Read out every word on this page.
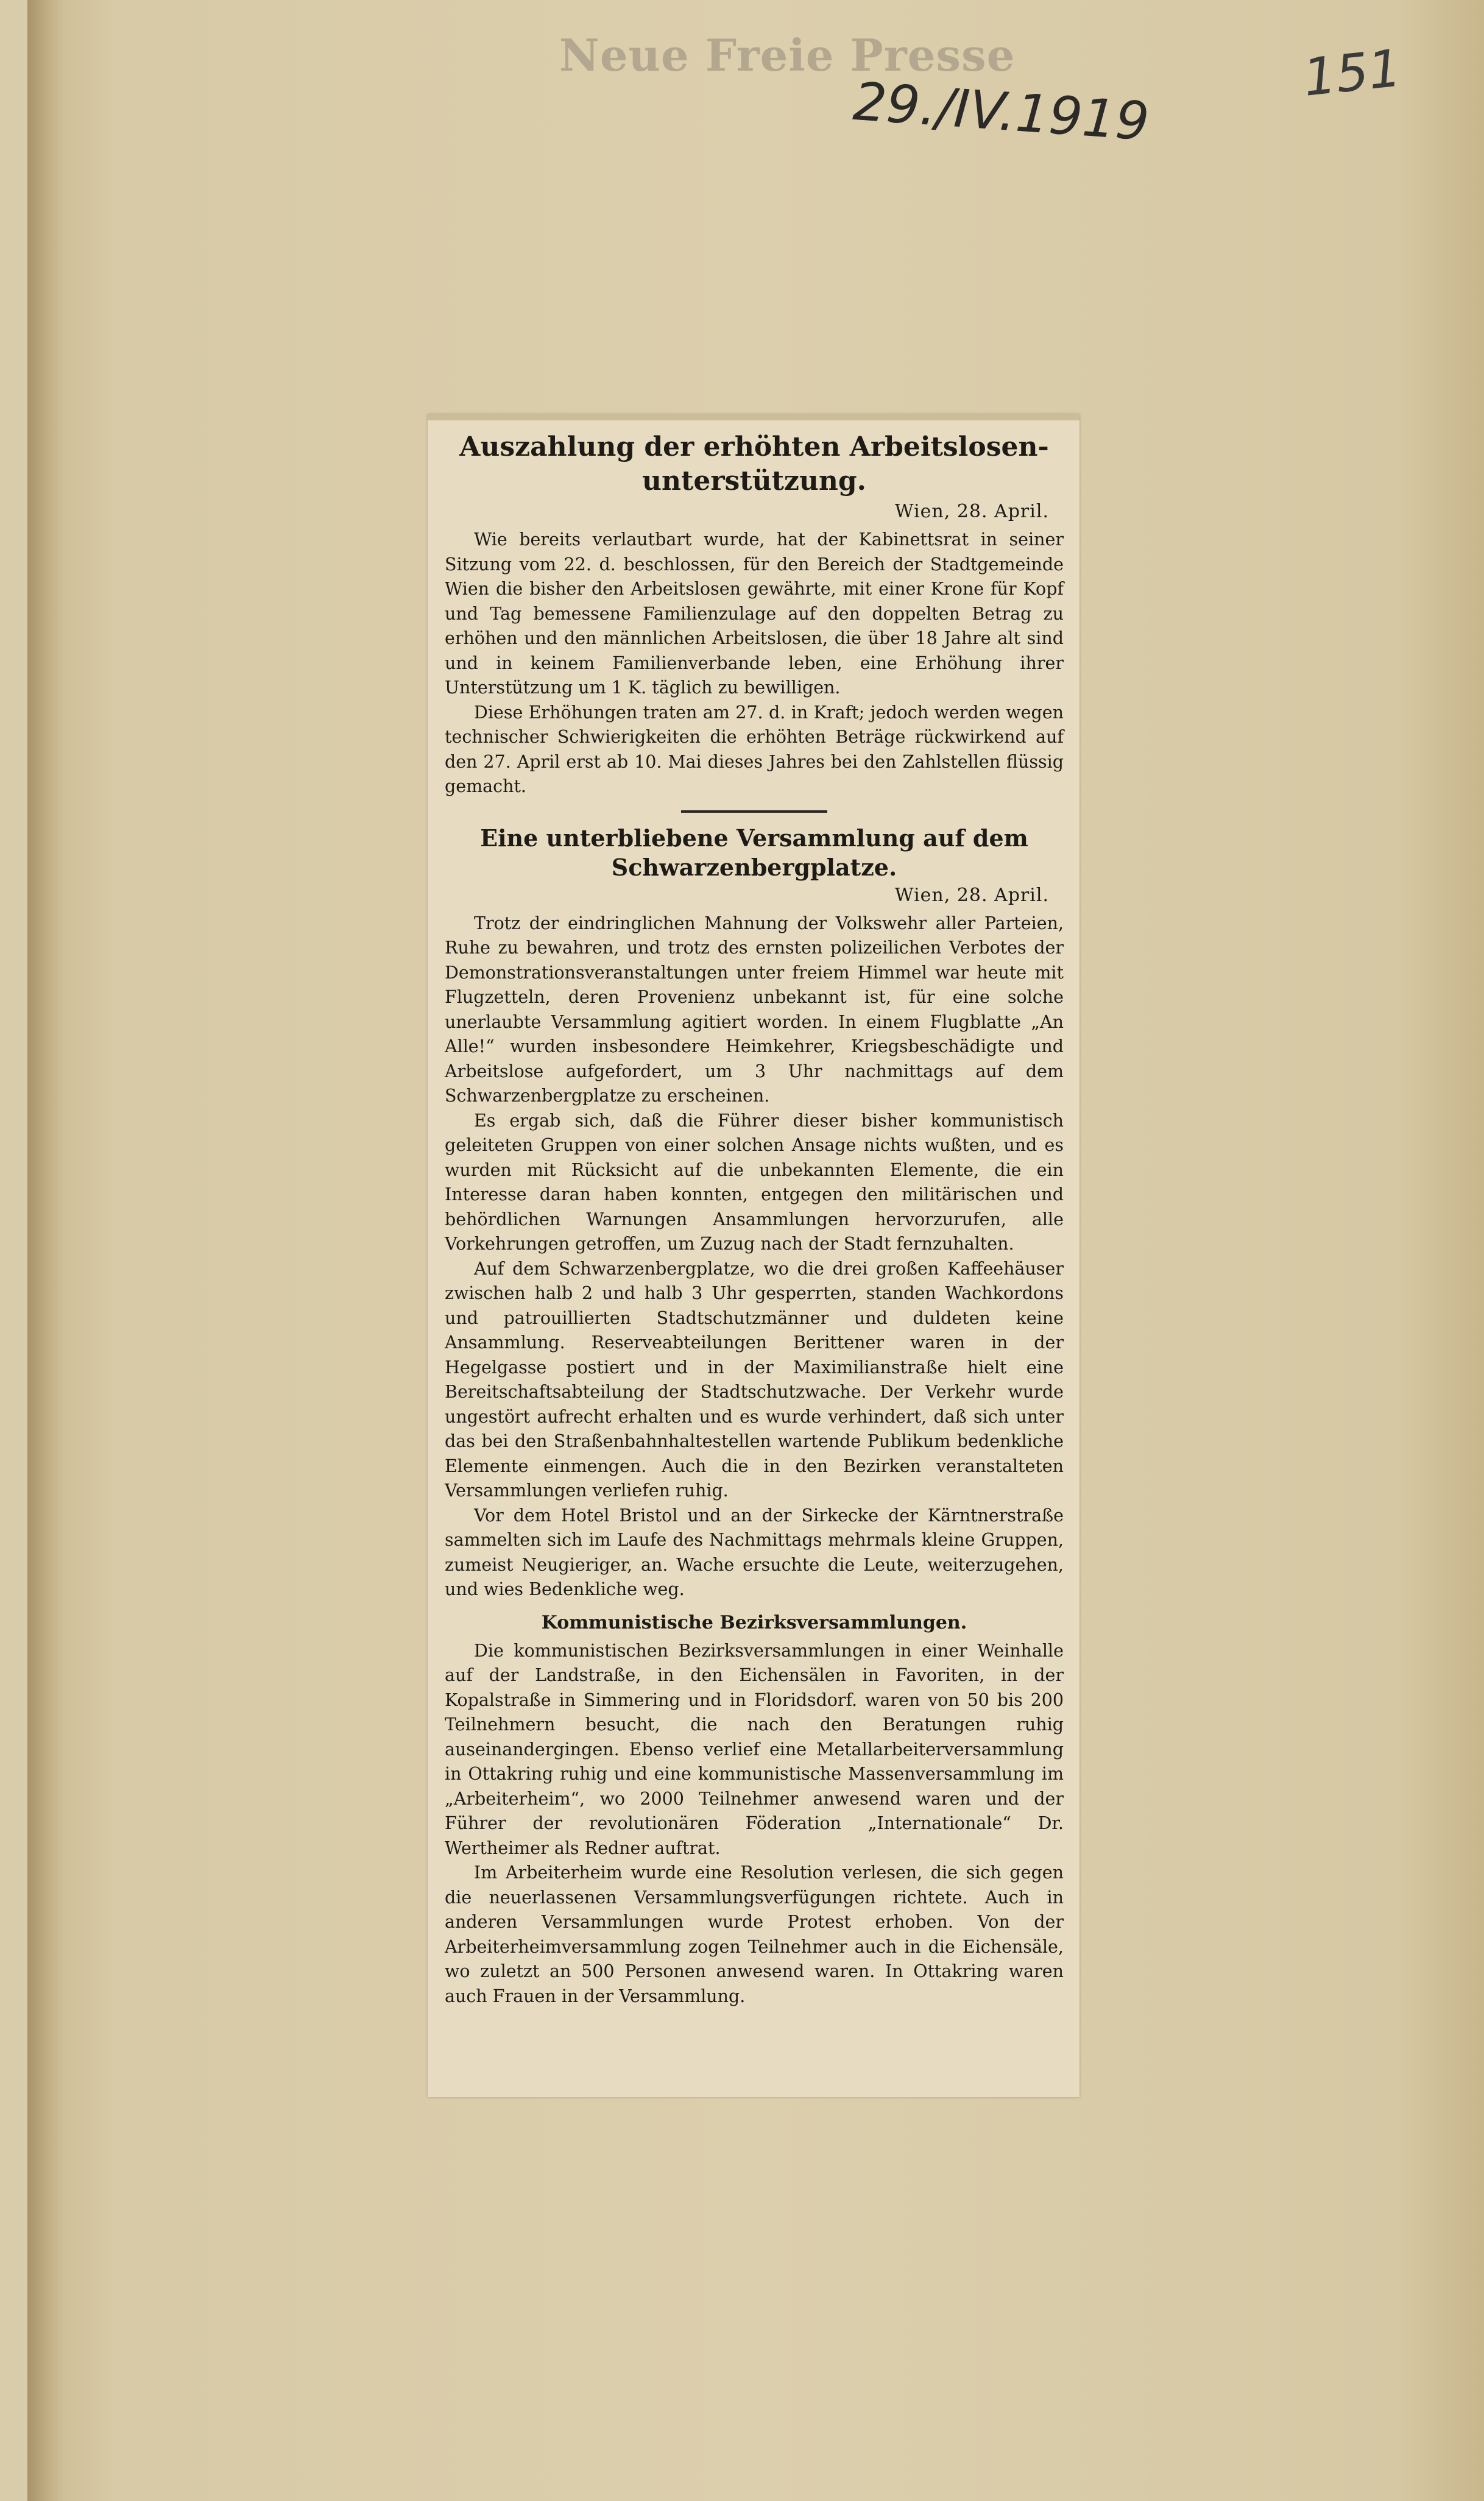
Neue Freie Presse
29./IV.1919	151
Auszahlung der erhöhten Arbeitslosen-unterstützung.
Wien, 28. April.

Wie bereits verlautbart wurde, hat der Kabinettsrat in seiner Sitzung vom 22. d. beschlossen, für den Bereich der Stadtgemeinde Wien die bisher den Arbeitslosen gewährte, mit einer Krone für Kopf und Tag bemessene Familienzulage auf den doppelten Betrag zu erhöhen und den männlichen Arbeitslosen, die über 18 Jahre alt sind und in keinem Familienverbande leben, eine Erhöhung ihrer Unterstützung um 1 K. täglich zu bewilligen.

Diese Erhöhungen traten am 27. d. in Kraft; jedoch werden wegen technischer Schwierigkeiten die erhöhten Beträge rückwirkend auf den 27. April erst ab 10. Mai dieses Jahres bei den Zahlstellen flüssig gemacht.

Eine unterbliebene Versammlung auf dem Schwarzenbergplatze.
Wien, 28. April.

Trotz der eindringlichen Mahnung der Volkswehr aller Parteien, Ruhe zu bewahren, und trotz des ernsten polizeilichen Verbotes der Demonstrationsveranstaltungen unter freiem Himmel war heute mit Flugzetteln, deren Provenienz unbekannt ist, für eine solche unerlaubte Versammlung agitiert worden. In einem Flugblatte „An Alle!“ wurden insbesondere Heimkehrer, Kriegsbeschädigte und Arbeitslose aufgefordert, um 3 Uhr nachmittags auf dem Schwarzenbergplatze zu erscheinen.

Es ergab sich, daß die Führer dieser bisher kommunistisch geleiteten Gruppen von einer solchen Ansage nichts wußten, und es wurden mit Rücksicht auf die unbekannten Elemente, die ein Interesse daran haben konnten, entgegen den militärischen und behördlichen Warnungen Ansammlungen hervorzurufen, alle Vorkehrungen getroffen, um Zuzug nach der Stadt fernzuhalten.

Auf dem Schwarzenbergplatze, wo die drei großen Kaffeehäuser zwischen halb 2 und halb 3 Uhr gesperrten, standen Wachkordons und patrouillierten Stadtschutzmänner und duldeten keine Ansammlung. Reserveabteilungen Berittener waren in der Hegelgasse postiert und in der Maximilianstraße hielt eine Bereitschaftsabteilung der Stadtschutzwache. Der Verkehr wurde ungestört aufrecht erhalten und es wurde verhindert, daß sich unter das bei den Straßenbahnhaltestellen wartende Publikum bedenkliche Elemente einmengen. Auch die in den Bezirken veranstalteten Versammlungen verliefen ruhig.

Vor dem Hotel Bristol und an der Sirkecke der Kärntnerstraße sammelten sich im Laufe des Nachmittags mehrmals kleine Gruppen, zumeist Neugieriger, an. Wache ersuchte die Leute, weiterzugehen, und wies Bedenkliche weg.

Kommunistische Bezirksversammlungen.

Die kommunistischen Bezirksversammlungen in einer Weinhalle auf der Landstraße, in den Eichensälen in Favoriten, in der Kopalstraße in Simmering und in Floridsdorf. waren von 50 bis 200 Teilnehmern besucht, die nach den Beratungen ruhig auseinandergingen. Ebenso verlief eine Metallarbeiterversammlung in Ottakring ruhig und eine kommunistische Massenversammlung im „Arbeiterheim“, wo 2000 Teilnehmer anwesend waren und der Führer der revolutionären Föderation „Internationale“ Dr. Wertheimer als Redner auftrat.

Im Arbeiterheim wurde eine Resolution verlesen, die sich gegen die neuerlassenen Versammlungsverfügungen richtete. Auch in anderen Versammlungen wurde Protest erhoben. Von der Arbeiterheimversammlung zogen Teilnehmer auch in die Eichensäle, wo zuletzt an 500 Personen anwesend waren. In Ottakring waren auch Frauen in der Versammlung.
